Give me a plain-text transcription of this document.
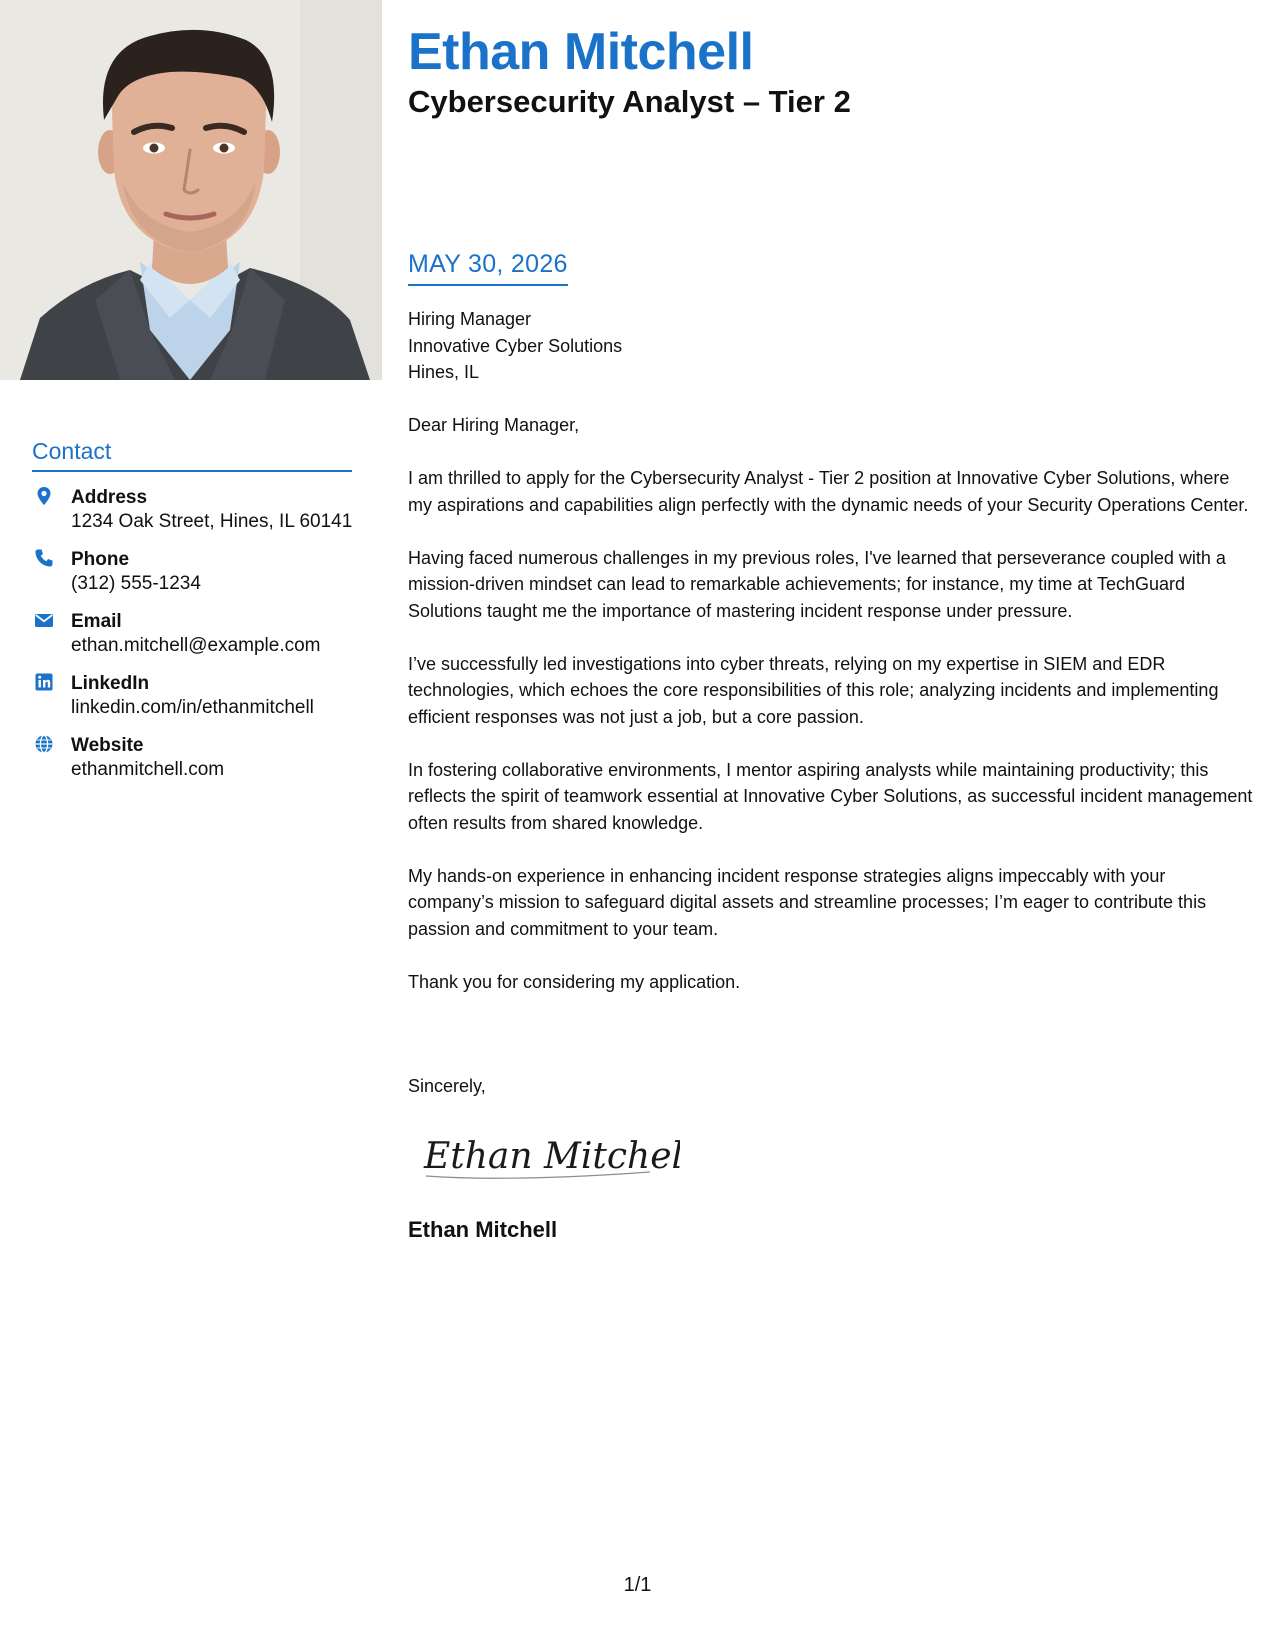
Contact
Address
1234 Oak Street, Hines, IL 60141
Phone
(312) 555-1234
Email
ethan.mitchell@example.com
LinkedIn
linkedin.com/in/ethanmitchell
Website
ethanmitchell.com
Ethan Mitchell
Cybersecurity Analyst – Tier 2
MAY 30, 2026
Hiring Manager
Innovative Cyber Solutions
Hines, IL

Dear Hiring Manager,

I am thrilled to apply for the Cybersecurity Analyst - Tier 2 position at Innovative Cyber Solutions, where my aspirations and capabilities align perfectly with the dynamic needs of your Security Operations Center.

Having faced numerous challenges in my previous roles, I've learned that perseverance coupled with a mission-driven mindset can lead to remarkable achievements; for instance, my time at TechGuard Solutions taught me the importance of mastering incident response under pressure.

I’ve successfully led investigations into cyber threats, relying on my expertise in SIEM and EDR technologies, which echoes the core responsibilities of this role; analyzing incidents and implementing efficient responses was not just a job, but a core passion.

In fostering collaborative environments, I mentor aspiring analysts while maintaining productivity; this reflects the spirit of teamwork essential at Innovative Cyber Solutions, as successful incident management often results from shared knowledge.

My hands-on experience in enhancing incident response strategies aligns impeccably with your company’s mission to safeguard digital assets and streamline processes; I’m eager to contribute this passion and commitment to your team.

Thank you for considering my application.

Sincerely,
Ethan Mitchell
Ethan Mitchell
1/1
